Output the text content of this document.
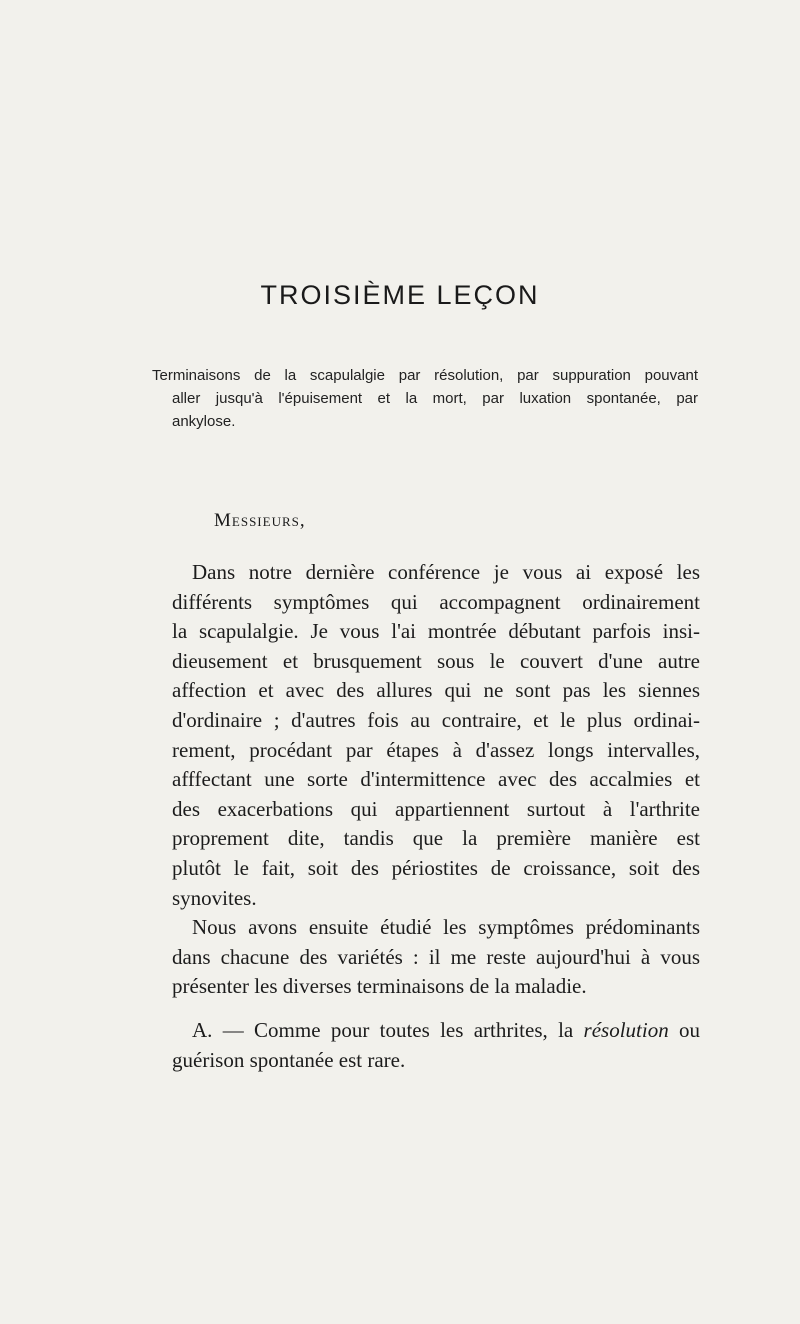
TROISIÈME LEÇON
Terminaisons de la scapulalgie par résolution, par suppuration pouvant
aller jusqu'à l'épuisement et la mort, par luxation spontanée, par
ankylose.
Messieurs,
Dans notre dernière conférence je vous ai exposé les
différents symptômes qui accompagnent ordinairement
la scapulalgie. Je vous l'ai montrée débutant parfois insi-
dieusement et brusquement sous le couvert d'une autre
affection et avec des allures qui ne sont pas les siennes
d'ordinaire ; d'autres fois au contraire, et le plus ordinai-
rement, procédant par étapes à d'assez longs intervalles,
afffectant une sorte d'intermittence avec des accalmies et
des exacerbations qui appartiennent surtout à l'arthrite
proprement dite, tandis que la première manière est
plutôt le fait, soit des périostites de croissance, soit des
synovites.
Nous avons ensuite étudié les symptômes prédominants
dans chacune des variétés : il me reste aujourd'hui à vous
présenter les diverses terminaisons de la maladie.
A. — Comme pour toutes les arthrites, la résolution ou
guérison spontanée est rare.
